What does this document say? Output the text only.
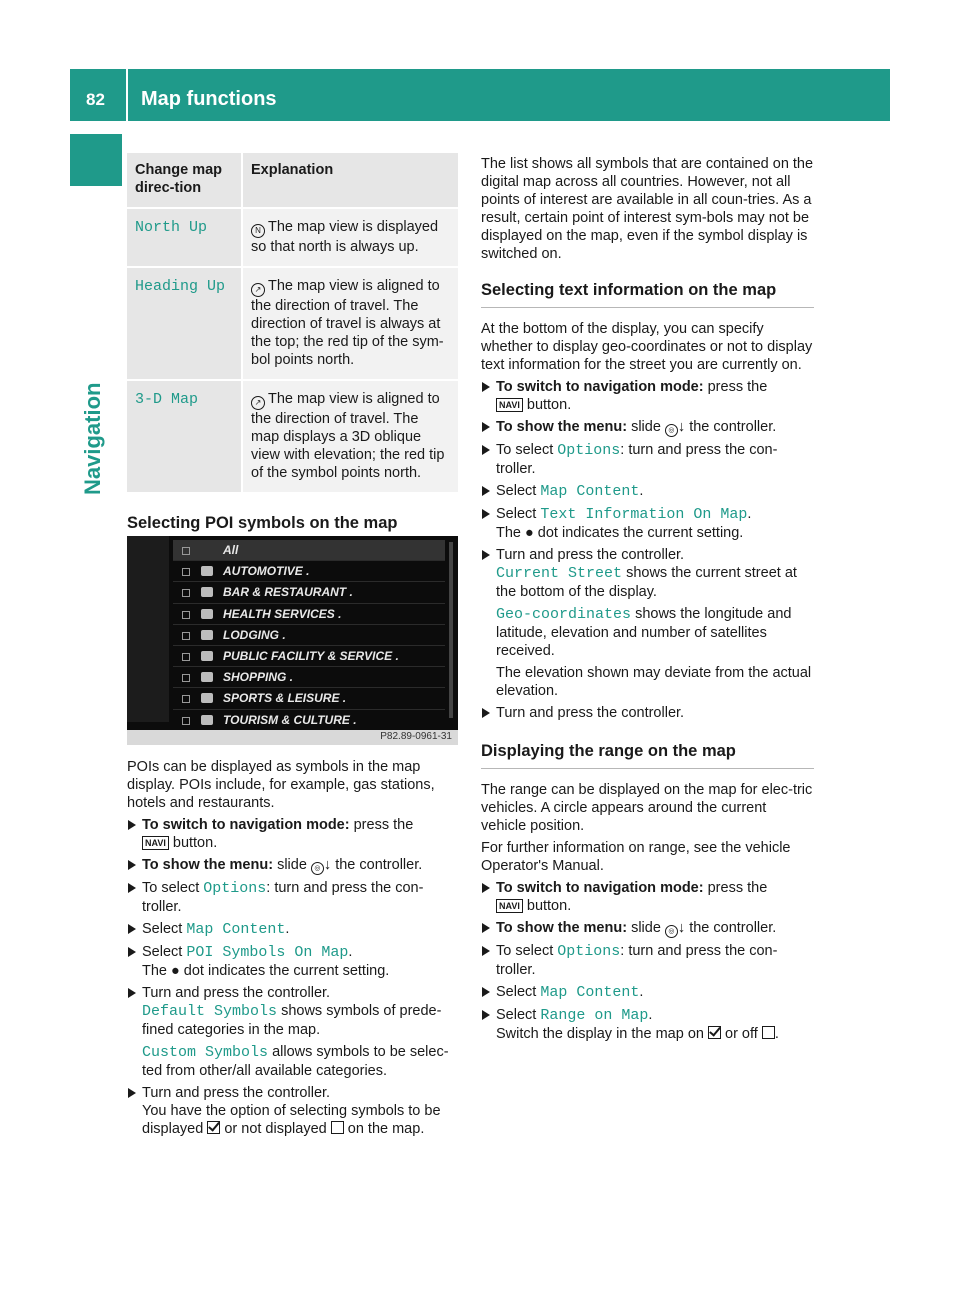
82 Map functions
Navigation
Change map direc-tion	Explanation
North Up	N The map view is displayed so that north is always up.
Heading Up	↗ The map view is aligned to the direction of travel. The direction of travel is always at the top; the red tip of the sym-bol points north.
3-D Map	↗ The map view is aligned to the direction of travel. The map displays a 3D oblique view with elevation; the red tip of the symbol points north.

Selecting POI symbols on the map

All
AUTOMOTIVE .
BAR & RESTAURANT .
HEALTH SERVICES .
LODGING .
PUBLIC FACILITY & SERVICE .
SHOPPING .
SPORTS & LEISURE .
TOURISM & CULTURE .
P82.89-0961-31

POIs can be displayed as symbols in the map display. POIs include, for example, gas stations, hotels and restaurants.

To switch to navigation mode: press the
NAVI button.
To show the menu: slide ◎ ↓ the controller.
To select Options: turn and press the con-troller.
Select Map Content.
Select POI Symbols On Map.
The ● dot indicates the current setting.
Turn and press the controller.
Default Symbols shows symbols of prede-fined categories in the map.
Custom Symbols allows symbols to be selec-ted from other/all available categories.
Turn and press the controller.
You have the option of selecting symbols to be displayed or not displayed on the map.

The list shows all symbols that are contained on the digital map across all countries. However, not all points of interest are available in all coun-tries. As a result, certain point of interest sym-bols may not be displayed on the map, even if the symbol display is switched on.

Selecting text information on the map

At the bottom of the display, you can specify whether to display geo-coordinates or not to display text information for the street you are currently on.

To switch to navigation mode: press the
NAVI button.
To show the menu: slide ◎ ↓ the controller.
To select Options: turn and press the con-troller.
Select Map Content.
Select Text Information On Map.
The ● dot indicates the current setting.
Turn and press the controller.
Current Street shows the current street at the bottom of the display.
Geo-coordinates shows the longitude and latitude, elevation and number of satellites received.
The elevation shown may deviate from the actual elevation.
Turn and press the controller.

Displaying the range on the map

The range can be displayed on the map for elec-tric vehicles. A circle appears around the current vehicle position.

For further information on range, see the vehicle Operator's Manual.

To switch to navigation mode: press the
NAVI button.
To show the menu: slide ◎ ↓ the controller.
To select Options: turn and press the con-troller.
Select Map Content.
Select Range on Map.
Switch the display in the map on or off .
